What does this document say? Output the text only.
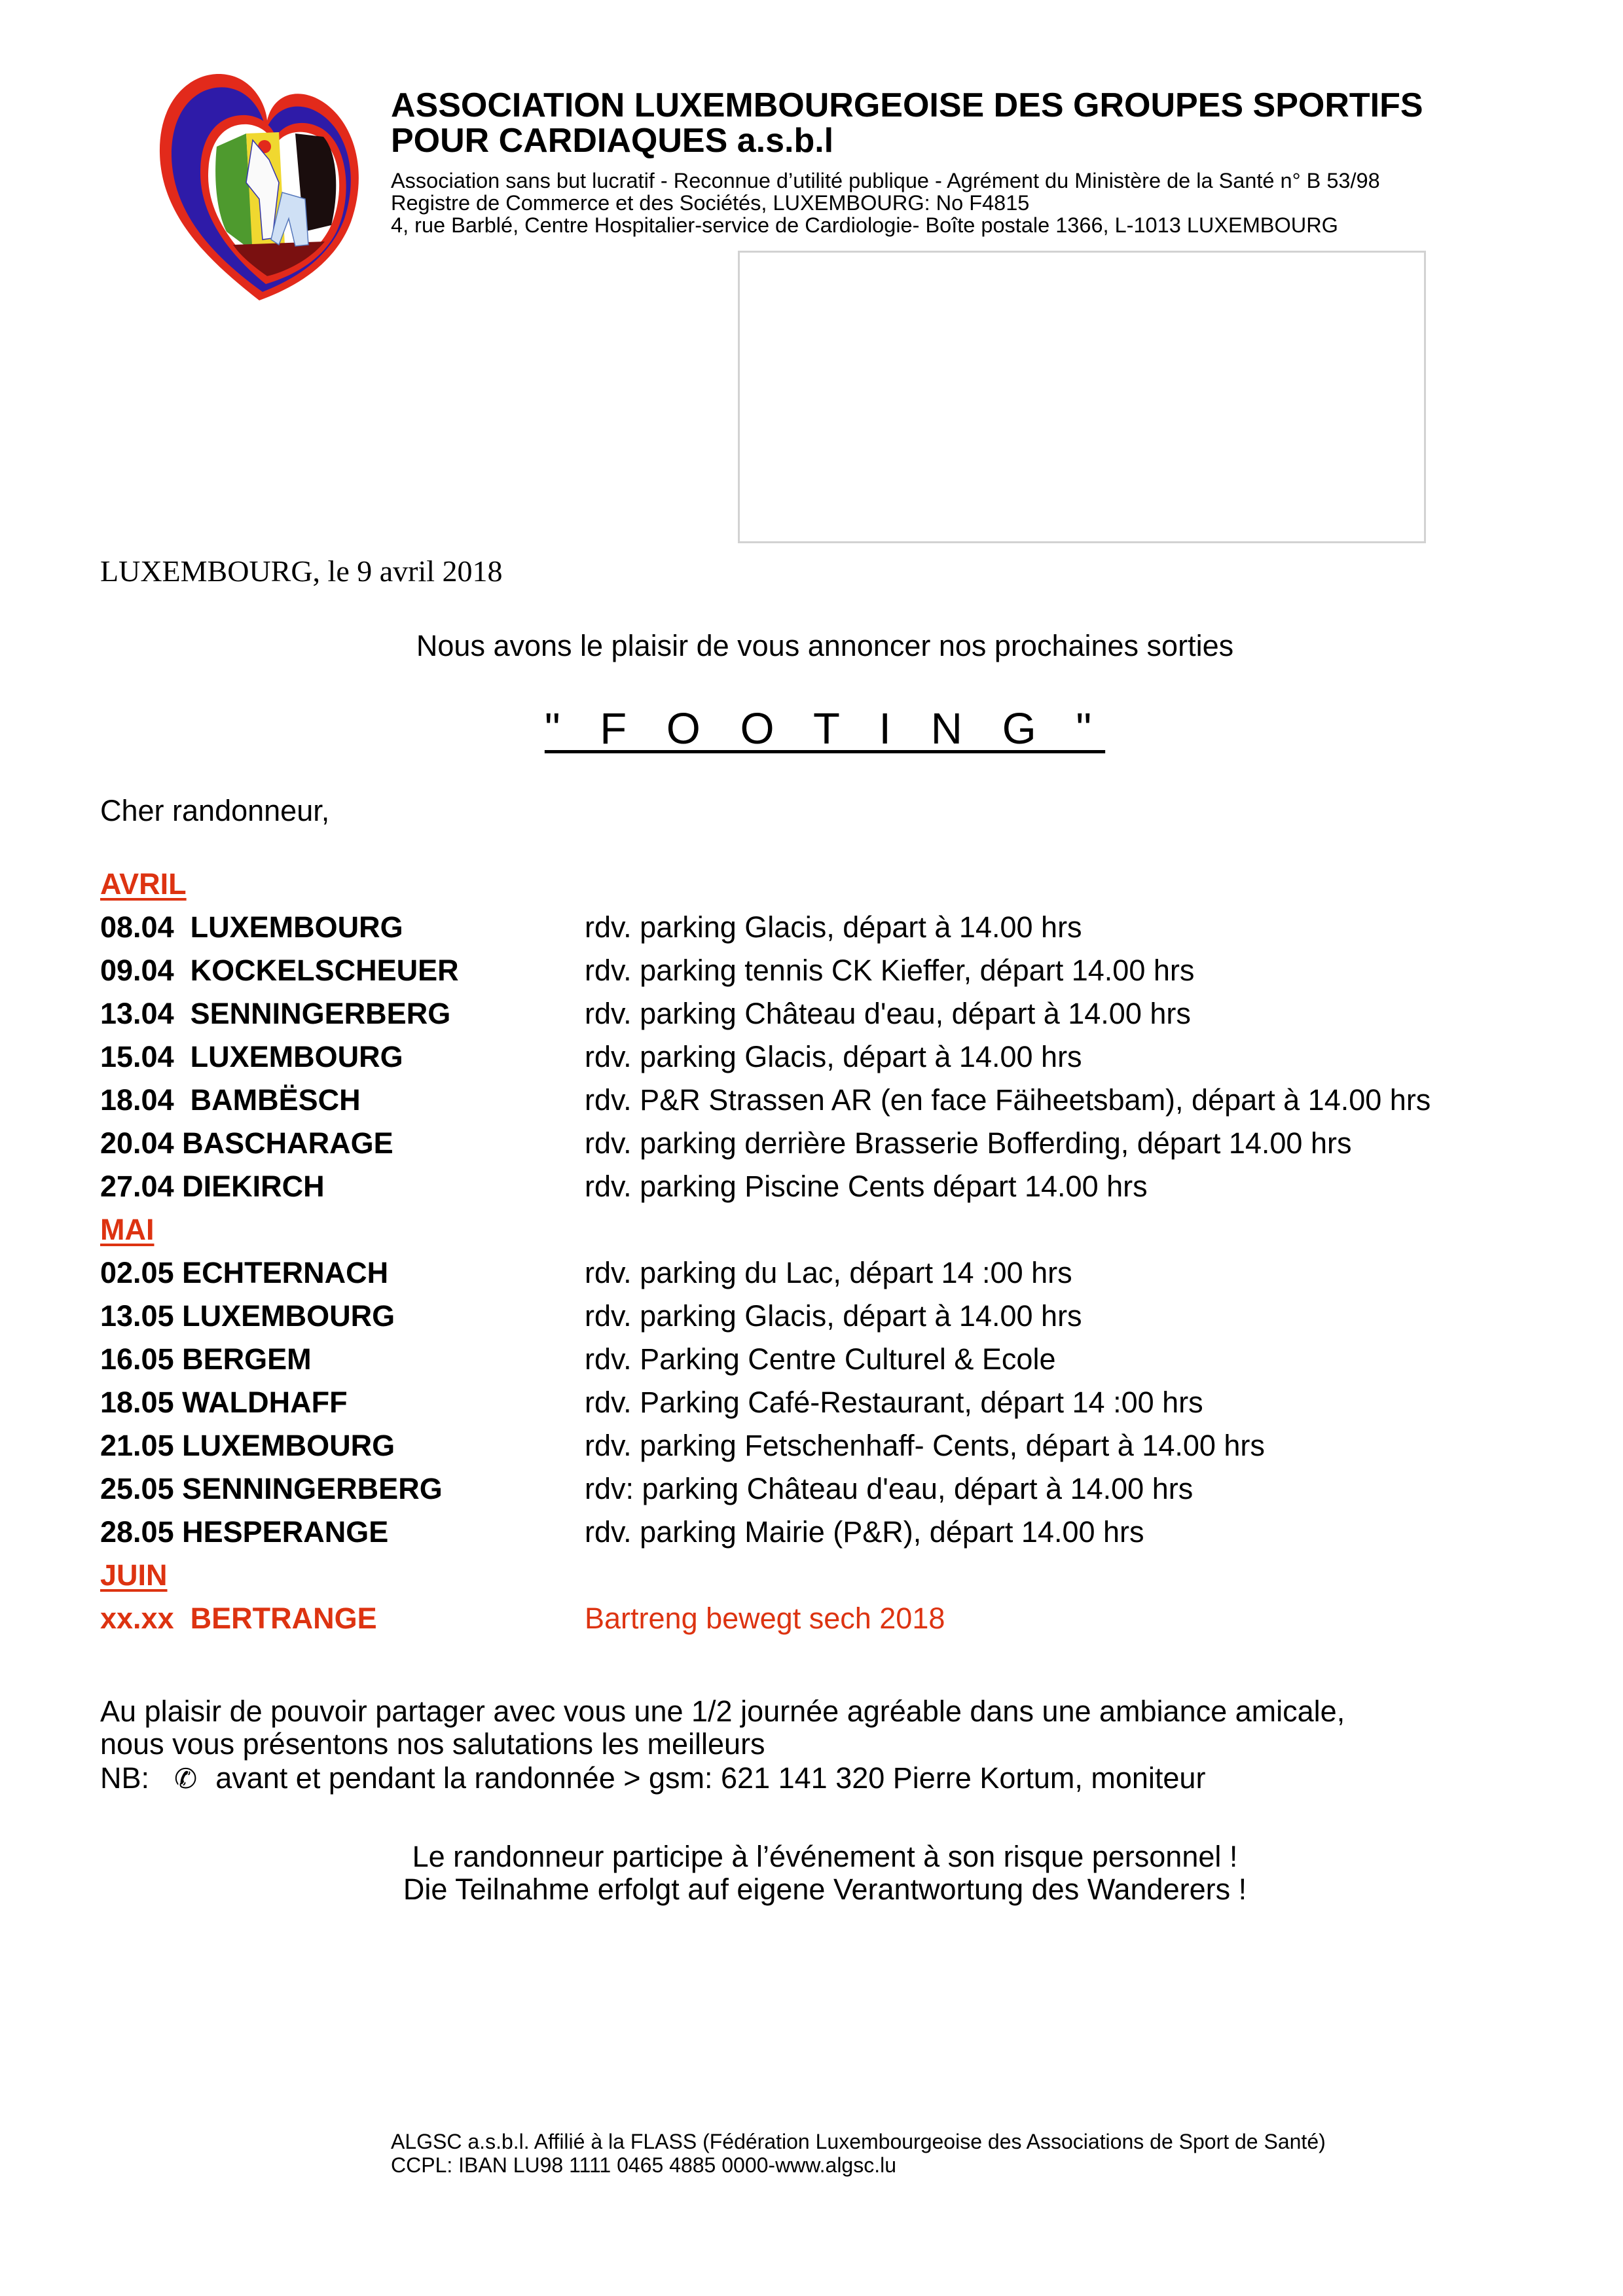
ASSOCIATION LUXEMBOURGEOISE DES GROUPES SPORTIFS
POUR CARDIAQUES a.s.b.l
Association sans but lucratif - Reconnue d’utilité publique - Agrément du Ministère de la Santé n° B 53/98
Registre de Commerce et des Sociétés, LUXEMBOURG: No F4815
4, rue Barblé, Centre Hospitalier-service de Cardiologie- Boîte postale 1366, L-1013 LUXEMBOURG
LUXEMBOURG, le 9 avril 2018
Nous avons le plaisir de vous annoncer nos prochaines sorties
" F O O T I N G "
Cher randonneur,
AVRIL
08.04 LUXEMBOURG	rdv. parking Glacis, départ à 14.00 hrs
09.04 KOCKELSCHEUER	rdv. parking tennis CK Kieffer, départ 14.00 hrs
13.04 SENNINGERBERG	rdv. parking Château d'eau, départ à 14.00 hrs
15.04 LUXEMBOURG	rdv. parking Glacis, départ à 14.00 hrs
18.04 BAMBËSCH	rdv. P&R Strassen AR (en face Fäiheetsbam), départ à 14.00 hrs
20.04 BASCHARAGE	rdv. parking derrière Brasserie Bofferding, départ 14.00 hrs
27.04 DIEKIRCH	rdv. parking Piscine Cents départ 14.00 hrs
MAI
02.05 ECHTERNACH	rdv. parking du Lac, départ 14 :00 hrs
13.05 LUXEMBOURG	rdv. parking Glacis, départ à 14.00 hrs
16.05 BERGEM	rdv. Parking Centre Culturel & Ecole
18.05 WALDHAFF	rdv. Parking Café-Restaurant, départ 14 :00 hrs
21.05 LUXEMBOURG	rdv. parking Fetschenhaff- Cents, départ à 14.00 hrs
25.05 SENNINGERBERG	rdv: parking Château d'eau, départ à 14.00 hrs
28.05 HESPERANGE	rdv. parking Mairie (P&R), départ 14.00 hrs
JUIN
xx.xx BERTRANGE	Bartreng bewegt sech 2018
Au plaisir de pouvoir partager avec vous une 1/2 journée agréable dans une ambiance amicale,
nous vous présentons nos salutations les meilleurs
NB: ✆ avant et pendant la randonnée > gsm: 621 141 320 Pierre Kortum, moniteur
Le randonneur participe à l’événement à son risque personnel !
Die Teilnahme erfolgt auf eigene Verantwortung des Wanderers !
ALGSC a.s.b.l. Affilié à la FLASS (Fédération Luxembourgeoise des Associations de Sport de Santé)
CCPL: IBAN LU98 1111 0465 4885 0000-www.algsc.lu
